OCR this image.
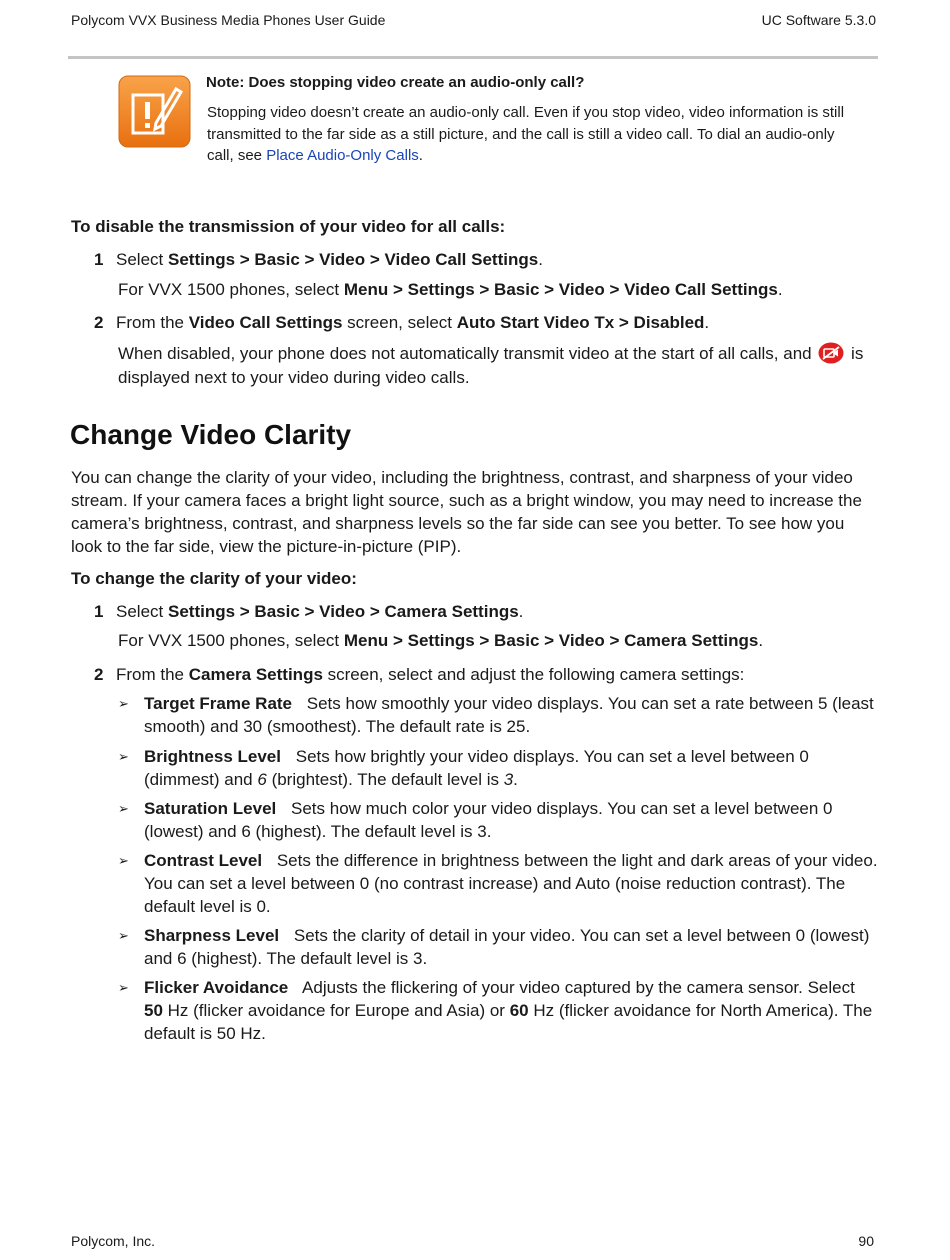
Polycom VVX Business Media Phones User Guide	UC Software 5.3.0
Note: Does stopping video create an audio-only call?
Stopping video doesn’t create an audio-only call. Even if you stop video, video information is still transmitted to the far side as a still picture, and the call is still a video call. To dial an audio-only call, see Place Audio-Only Calls.
To disable the transmission of your video for all calls:
1 Select Settings > Basic > Video > Video Call Settings.
For VVX 1500 phones, select Menu > Settings > Basic > Video > Video Call Settings.
2 From the Video Call Settings screen, select Auto Start Video Tx > Disabled.
When disabled, your phone does not automatically transmit video at the start of all calls, and  is displayed next to your video during video calls.
Change Video Clarity
You can change the clarity of your video, including the brightness, contrast, and sharpness of your video stream. If your camera faces a bright light source, such as a bright window, you may need to increase the camera’s brightness, contrast, and sharpness levels so the far side can see you better. To see how you look to the far side, view the picture-in-picture (PIP).
To change the clarity of your video:
1 Select Settings > Basic > Video > Camera Settings.
For VVX 1500 phones, select Menu > Settings > Basic > Video > Camera Settings.
2 From the Camera Settings screen, select and adjust the following camera settings:
➢ Target Frame Rate Sets how smoothly your video displays. You can set a rate between 5 (least smooth) and 30 (smoothest). The default rate is 25.
➢ Brightness Level Sets how brightly your video displays. You can set a level between 0 (dimmest) and 6 (brightest). The default level is 3.
➢ Saturation Level Sets how much color your video displays. You can set a level between 0 (lowest) and 6 (highest). The default level is 3.
➢ Contrast Level Sets the difference in brightness between the light and dark areas of your video. You can set a level between 0 (no contrast increase) and Auto (noise reduction contrast). The default level is 0.
➢ Sharpness Level Sets the clarity of detail in your video. You can set a level between 0 (lowest) and 6 (highest). The default level is 3.
➢ Flicker Avoidance Adjusts the flickering of your video captured by the camera sensor. Select 50 Hz (flicker avoidance for Europe and Asia) or 60 Hz (flicker avoidance for North America). The default is 50 Hz.
Polycom, Inc.	90
